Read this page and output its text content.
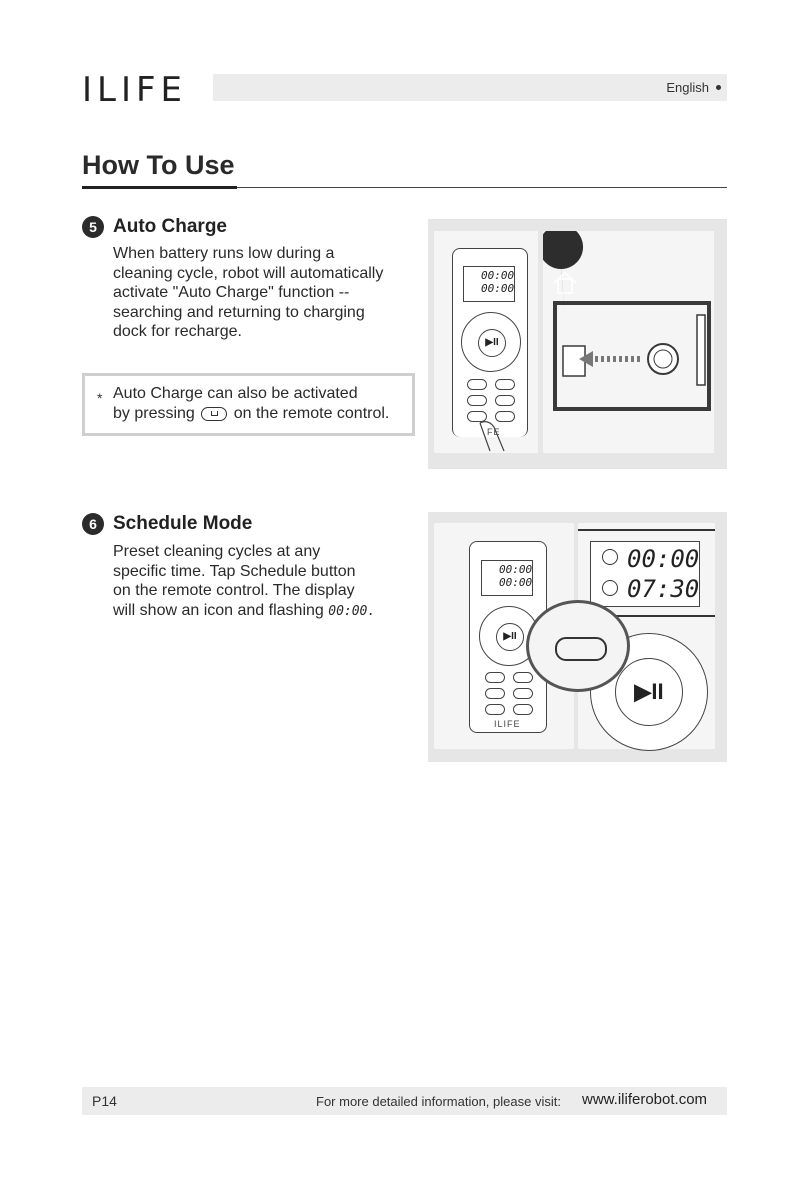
ILIFE	English
How To Use
5 Auto Charge
When battery runs low during a
cleaning cycle, robot will automatically
activate "Auto Charge" function --
searching and returning to charging
dock for recharge.
* Auto Charge can also be activated
by pressing on the remote control.
00:00
00:00
▶II
FE
6 Schedule Mode
Preset cleaning cycles at any
specific time. Tap Schedule button
on the remote control. The display
will show an icon and flashing 00:00.
00:00
00:00
▶II
ILIFE
00:00
07:30
▶II
P14	For more detailed information, please visit: www.iliferobot.com
